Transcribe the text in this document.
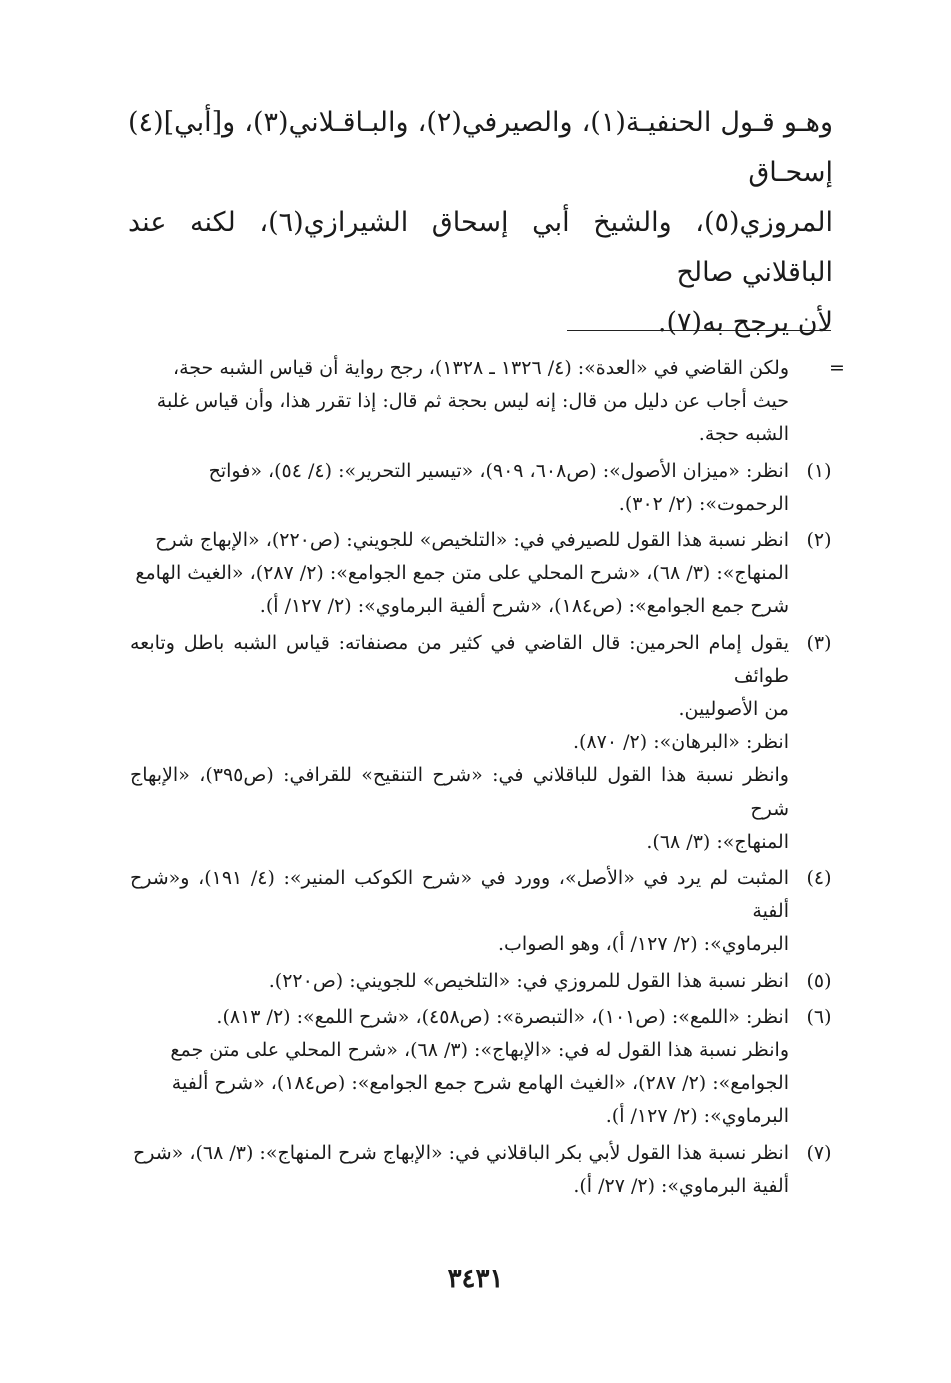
وهـو قـول الحنفيـة(١)، والصيرفي(٢)، والبـاقـلاني(٣)، و[أبي](٤) إسحـاق

المروزي(٥)، والشيخ أبي إسحاق الشيرازي(٦)، لكنه عند الباقلاني صالح

لأن يرجح به(٧).

=
ولكن القاضي في «العدة»: (٤/ ١٣٢٦ ـ ١٣٢٨)، رجح رواية أن قياس الشبه حجة،
حيث أجاب عن دليل من قال: إنه ليس بحجة ثم قال: إذا تقرر هذا، وأن قياس غلبة
الشبه حجة.
(١)
انظر: «ميزان الأصول»: (ص٦٠٨، ٩٠٩)، «تيسير التحرير»: (٤/ ٥٤)، «فواتح
الرحموت»: (٢/ ٣٠٢).
(٢)
انظر نسبة هذا القول للصيرفي في: «التلخيص» للجويني: (ص٢٢٠)، «الإبهاج شرح
المنهاج»: (٣/ ٦٨)، «شرح المحلي على متن جمع الجوامع»: (٢/ ٢٨٧)، «الغيث الهامع
شرح جمع الجوامع»: (ص١٨٤)، «شرح ألفية البرماوي»: (٢/ ١٢٧/ أ).
(٣)
يقول إمام الحرمين: قال القاضي في كثير من مصنفاته: قياس الشبه باطل وتابعه طوائف
من الأصوليين.
انظر: «البرهان»: (٢/ ٨٧٠).
وانظر نسبة هذا القول للباقلاني في: «شرح التنقيح» للقرافي: (ص٣٩٥)، «الإبهاج شرح
المنهاج»: (٣/ ٦٨).
(٤)
المثبت لم يرد في «الأصل»، وورد في «شرح الكوكب المنير»: (٤/ ١٩١)، و«شرح ألفية
البرماوي»: (٢/ ١٢٧/ أ)، وهو الصواب.
(٥)
انظر نسبة هذا القول للمروزي في: «التلخيص» للجويني: (ص٢٢٠).
(٦)
انظر: «اللمع»: (ص١٠١)، «التبصرة»: (ص٤٥٨)، «شرح اللمع»: (٢/ ٨١٣).
وانظر نسبة هذا القول له في: «الإبهاج»: (٣/ ٦٨)، «شرح المحلي على متن جمع
الجوامع»: (٢/ ٢٨٧)، «الغيث الهامع شرح جمع الجوامع»: (ص١٨٤)، «شرح ألفية
البرماوي»: (٢/ ١٢٧/ أ).
(٧)
انظر نسبة هذا القول لأبي بكر الباقلاني في: «الإبهاج شرح المنهاج»: (٣/ ٦٨)، «شرح
ألفية البرماوي»: (٢/ ٢٧/ أ).
٣٤٣١
